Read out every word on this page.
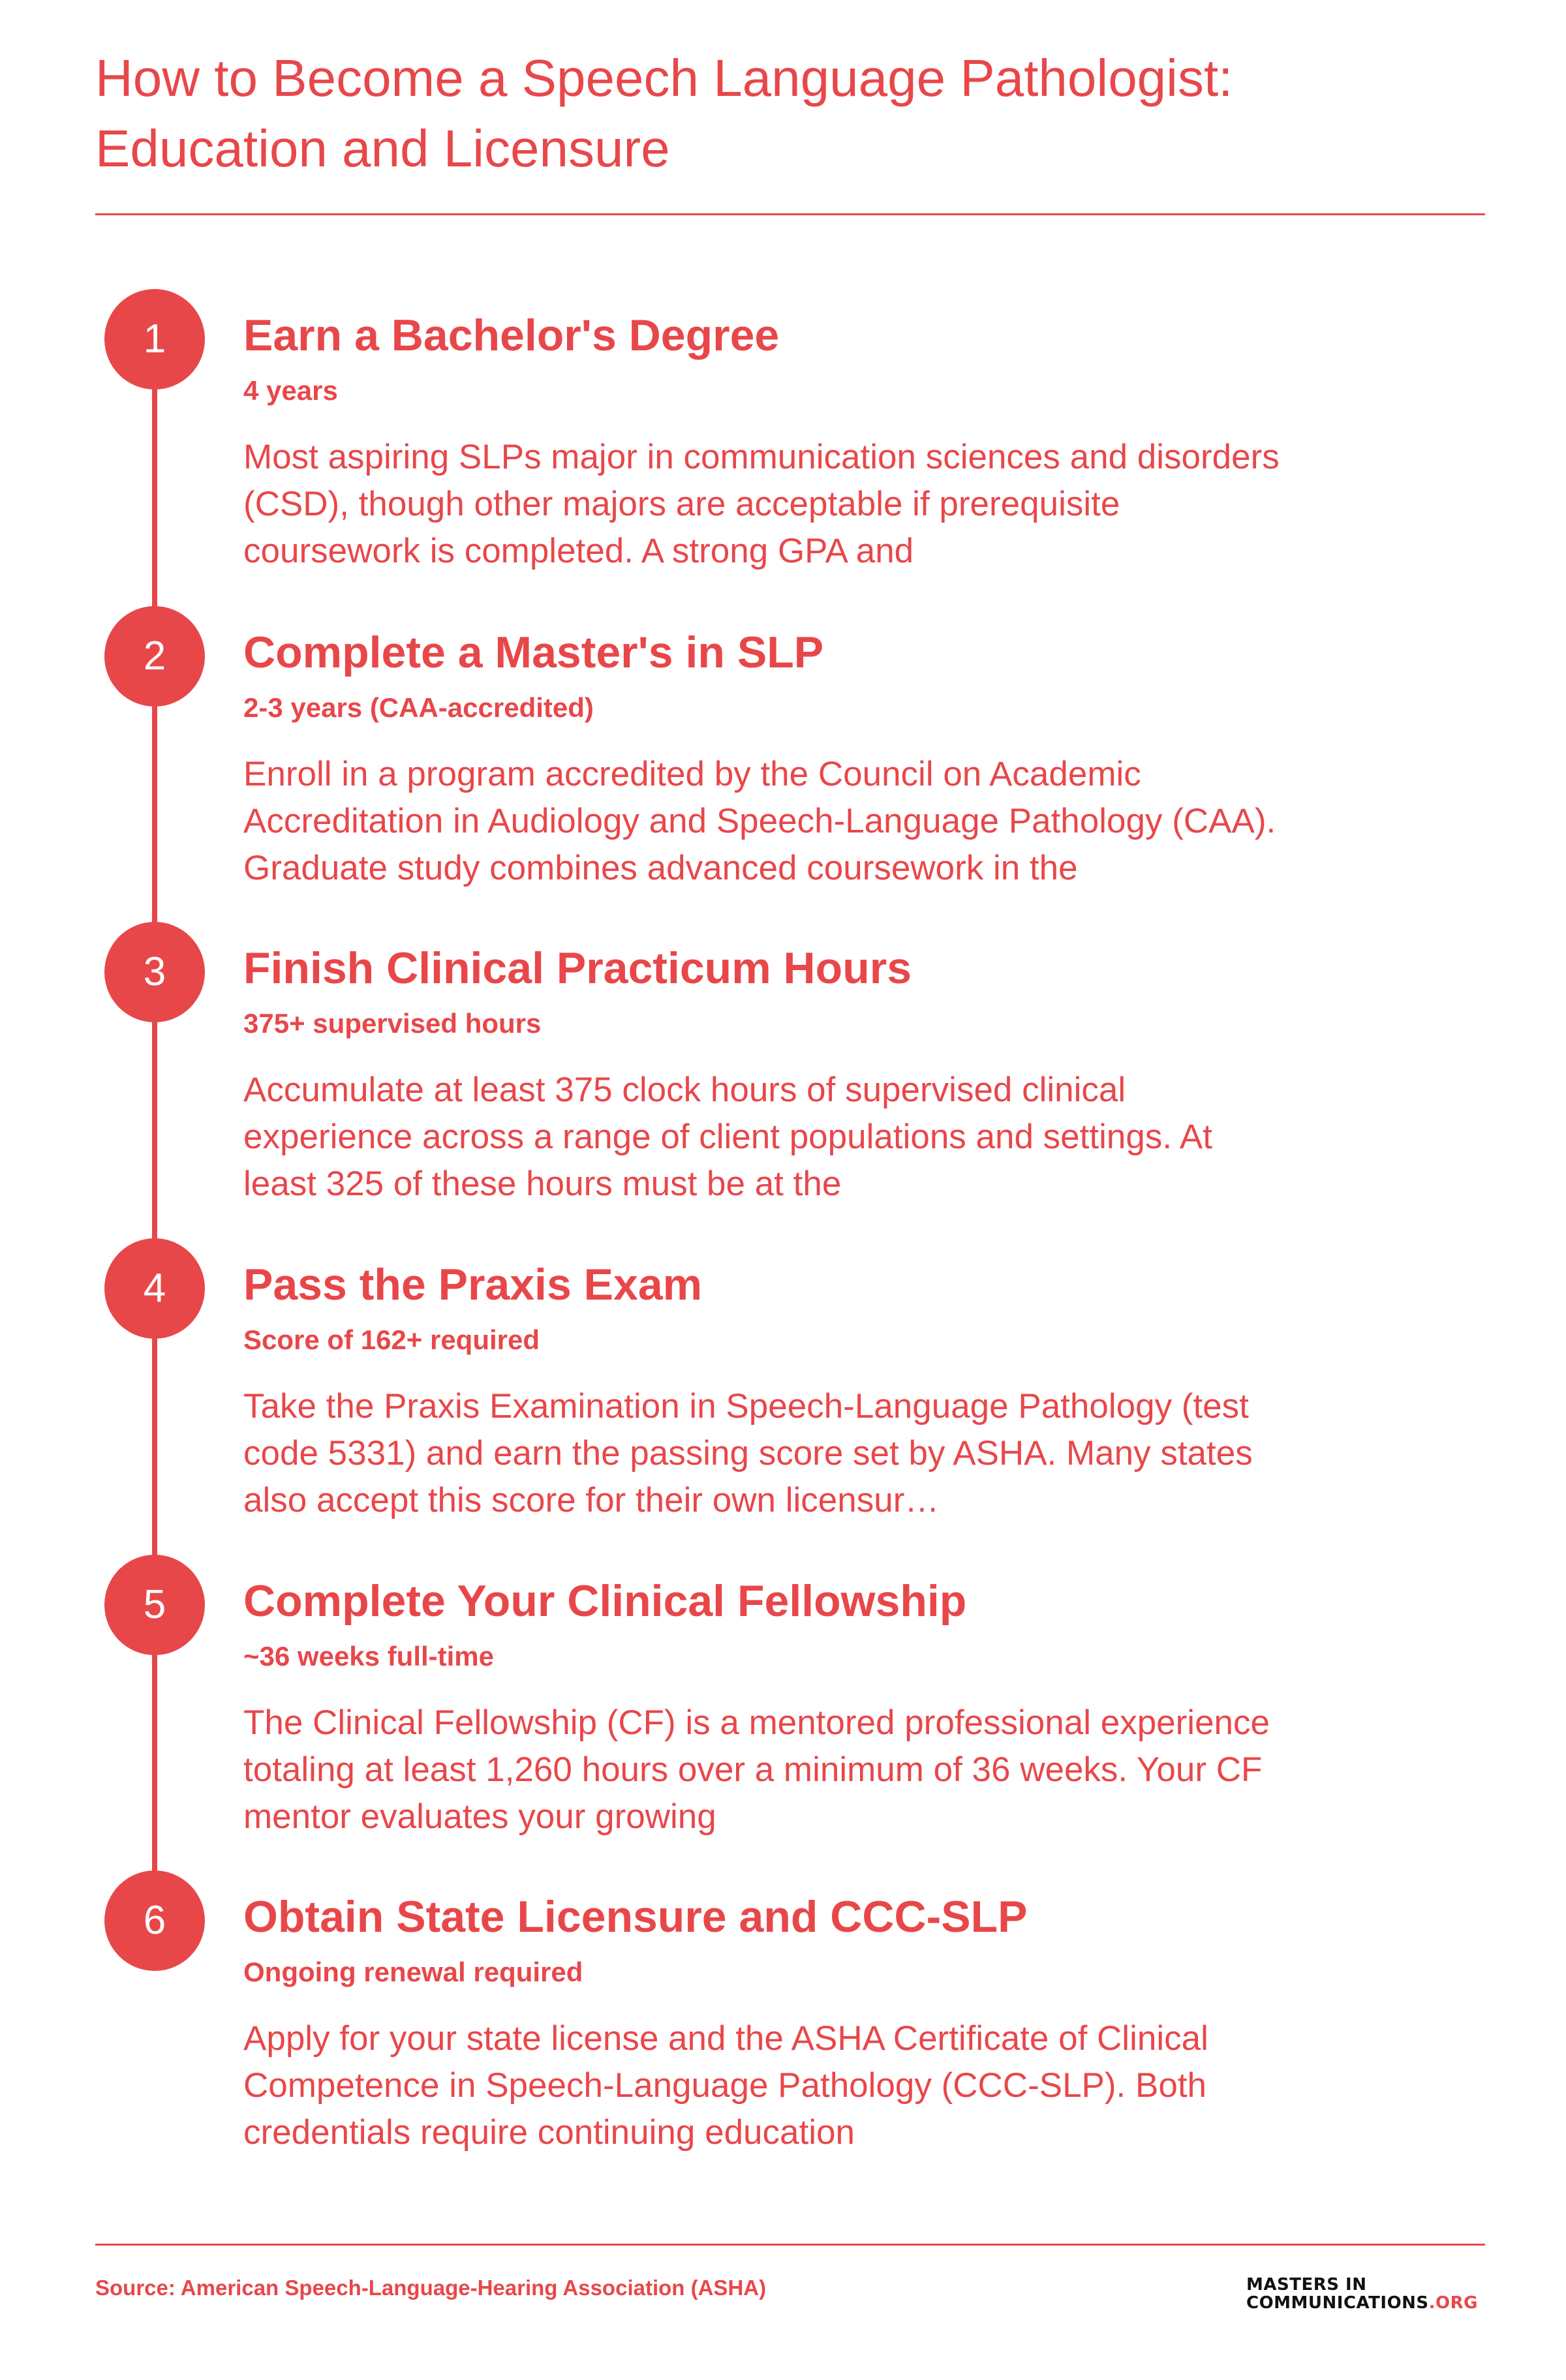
How to Become a Speech Language Pathologist: Education and Licensure
1	Earn a Bachelor's Degree
4 years
Most aspiring SLPs major in communication sciences and disorders (CSD), though other majors are acceptable if prerequisite coursework is completed. A strong GPA and
2	Complete a Master's in SLP
2-3 years (CAA-accredited)
Enroll in a program accredited by the Council on Academic Accreditation in Audiology and Speech-Language Pathology (CAA). Graduate study combines advanced coursework in the
3	Finish Clinical Practicum Hours
375+ supervised hours
Accumulate at least 375 clock hours of supervised clinical experience across a range of client populations and settings. At least 325 of these hours must be at the
4	Pass the Praxis Exam
Score of 162+ required
Take the Praxis Examination in Speech-Language Pathology (test code 5331) and earn the passing score set by ASHA. Many states also accept this score for their own licensur…
5	Complete Your Clinical Fellowship
~36 weeks full-time
The Clinical Fellowship (CF) is a mentored professional experience totaling at least 1,260 hours over a minimum of 36 weeks. Your CF mentor evaluates your growing
6	Obtain State Licensure and CCC-SLP
Ongoing renewal required
Apply for your state license and the ASHA Certificate of Clinical Competence in Speech-Language Pathology (CCC-SLP). Both credentials require continuing education
Source: American Speech-Language-Hearing Association (ASHA)	MASTERS IN
COMMUNICATIONS.ORG
